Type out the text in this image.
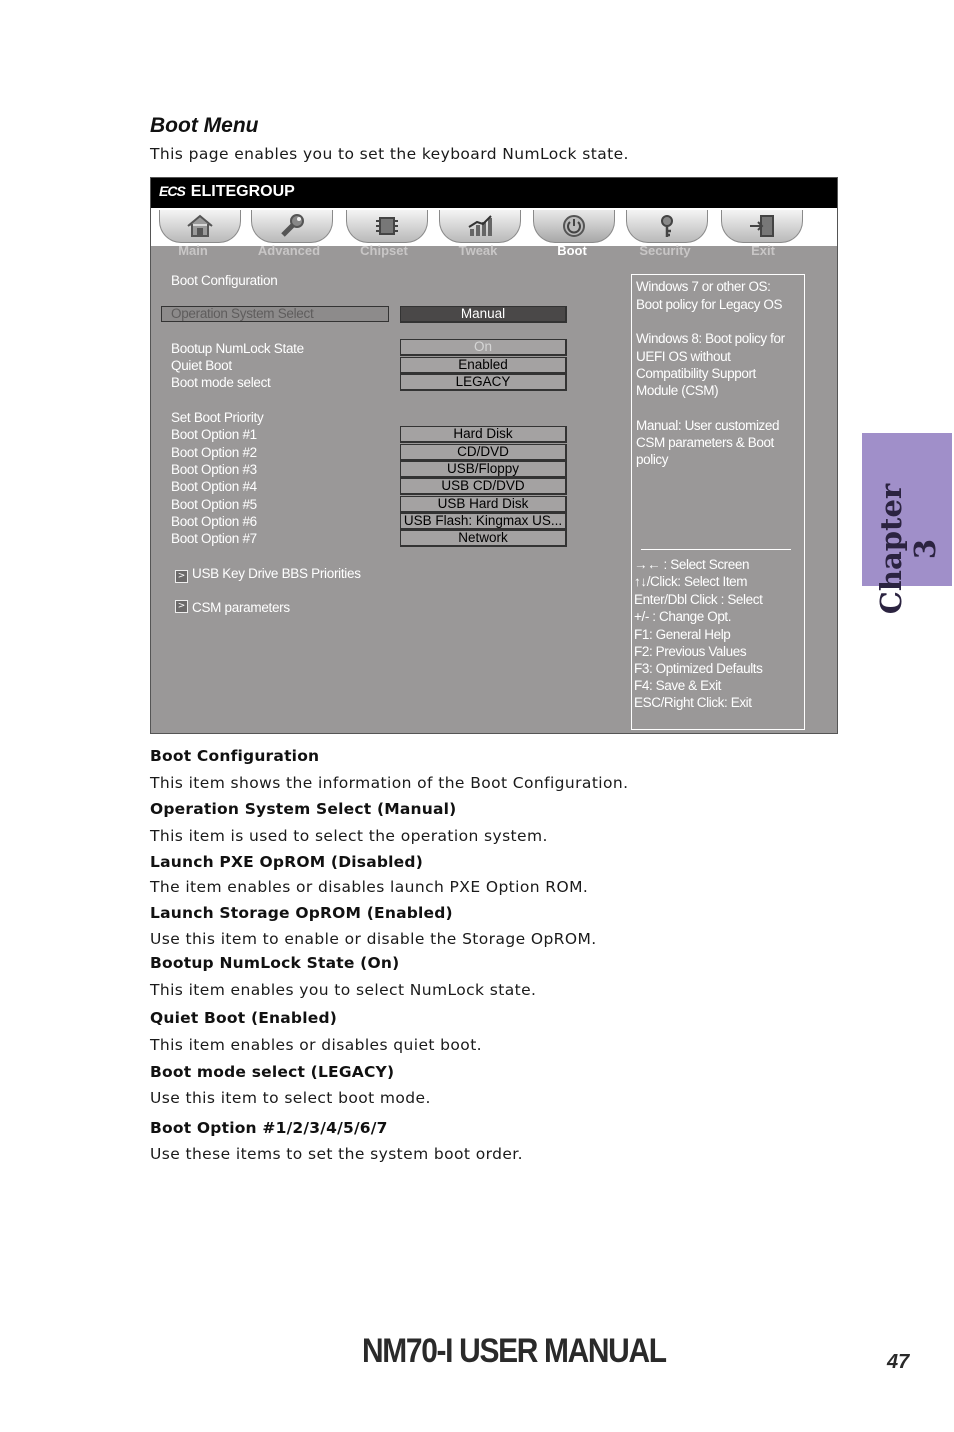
Boot Menu
This page enables you to set the keyboard NumLock state.
ECS ELITEGROUP
Main	Advanced	Chipset	Tweak	Boot	Security	Exit
Boot Configuration
Operation System Select	Manual
Bootup NumLock State	On
Quiet Boot	Enabled
Boot mode select	LEGACY
Set Boot Priority
Boot Option #1	Hard Disk
Boot Option #2	CD/DVD
Boot Option #3	USB/Floppy
Boot Option #4	USB CD/DVD
Boot Option #5	USB Hard Disk
Boot Option #6	USB Flash: Kingmax US...
Boot Option #7	Network
> USB Key Drive BBS Priorities
> CSM parameters
Windows 7 or other OS:
Boot policy for Legacy OS
Windows 8: Boot policy for
UEFI OS without
Compatibility Support
Module (CSM)
Manual: User customized
CSM parameters & Boot
policy
→← : Select Screen
↑↓/Click: Select Item
Enter/Dbl Click : Select
+/- : Change Opt.
F1: General Help
F2: Previous Values
F3: Optimized Defaults
F4: Save & Exit
ESC/Right Click: Exit
Boot Configuration
This item shows the information of the Boot Configuration.
Operation System Select (Manual)
This item is used to select the operation system.
Launch PXE OpROM (Disabled)
The item enables or disables launch PXE Option ROM.
Launch Storage OpROM (Enabled)
Use this item to enable or disable the Storage OpROM.
Bootup NumLock State (On)
This item enables you to select NumLock state.
Quiet Boot (Enabled)
This item enables or disables quiet boot.
Boot mode select (LEGACY)
Use this item to select boot mode.
Boot Option #1/2/3/4/5/6/7
Use these items to set the system boot order.
Chapter 3
NM70-I USER MANUAL	47
